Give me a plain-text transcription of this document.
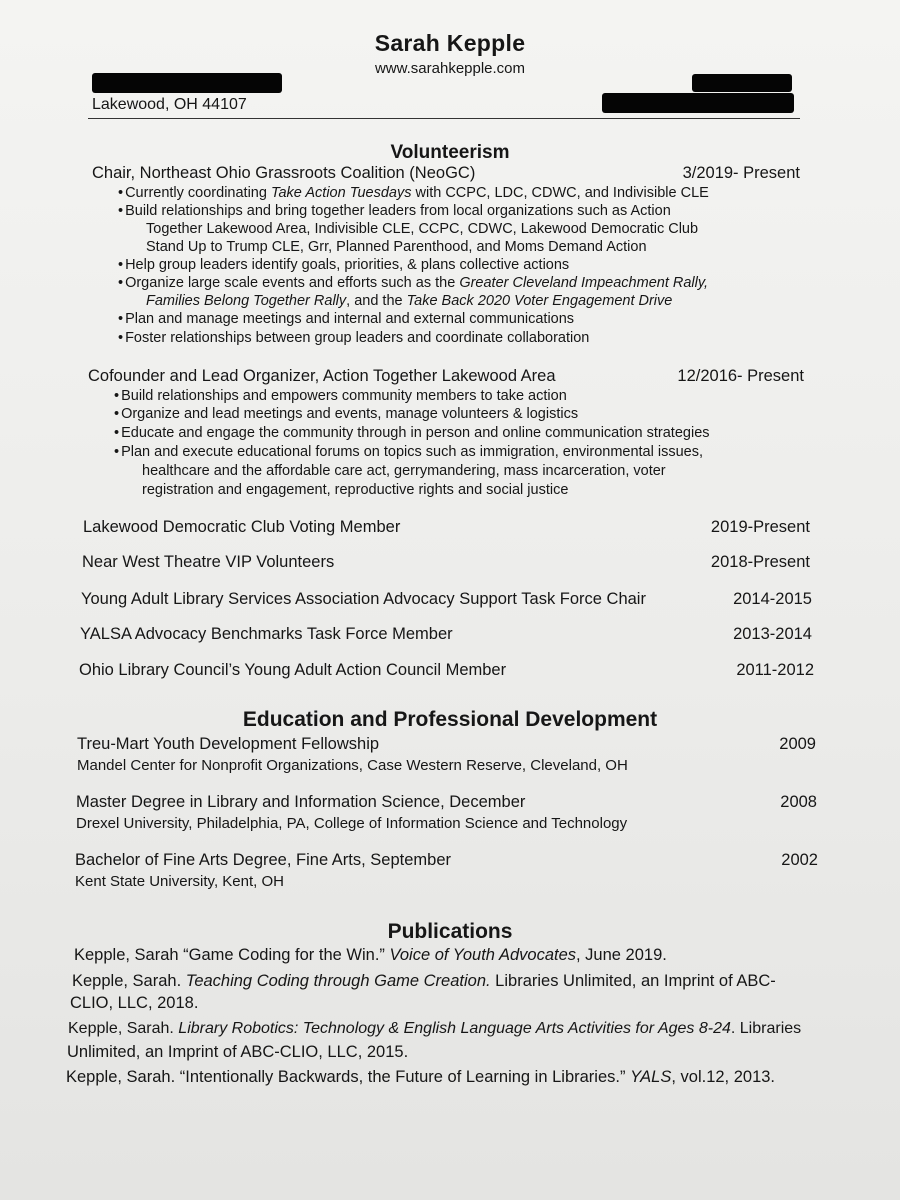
Sarah Kepple
www.sarahkepple.com
Lakewood, OH 44107
Volunteerism
Chair, Northeast Ohio Grassroots Coalition (NeoGC)	3/2019- Present
• Currently coordinating Take Action Tuesdays with CCPC, LDC, CDWC, and Indivisible CLE
• Build relationships and bring together leaders from local organizations such as Action
Together Lakewood Area, Indivisible CLE, CCPC, CDWC, Lakewood Democratic Club
Stand Up to Trump CLE, Grr, Planned Parenthood, and Moms Demand Action
• Help group leaders identify goals, priorities, & plans collective actions
• Organize large scale events and efforts such as the Greater Cleveland Impeachment Rally,
Families Belong Together Rally, and the Take Back 2020 Voter Engagement Drive
• Plan and manage meetings and internal and external communications
• Foster relationships between group leaders and coordinate collaboration
Cofounder and Lead Organizer, Action Together Lakewood Area	12/2016- Present
• Build relationships and empowers community members to take action
• Organize and lead meetings and events, manage volunteers & logistics
• Educate and engage the community through in person and online communication strategies
• Plan and execute educational forums on topics such as immigration, environmental issues,
healthcare and the affordable care act, gerrymandering, mass incarceration, voter
registration and engagement, reproductive rights and social justice
Lakewood Democratic Club Voting Member	2019-Present
Near West Theatre VIP Volunteers	2018-Present
Young Adult Library Services Association Advocacy Support Task Force Chair	2014-2015
YALSA Advocacy Benchmarks Task Force Member	2013-2014
Ohio Library Council’s Young Adult Action Council Member	2011-2012
Education and Professional Development
Treu-Mart Youth Development Fellowship	2009
Mandel Center for Nonprofit Organizations, Case Western Reserve, Cleveland, OH
Master Degree in Library and Information Science, December	2008
Drexel University, Philadelphia, PA, College of Information Science and Technology
Bachelor of Fine Arts Degree, Fine Arts, September	2002
Kent State University, Kent, OH
Publications
Kepple, Sarah “Game Coding for the Win.” Voice of Youth Advocates, June 2019.
Kepple, Sarah. Teaching Coding through Game Creation. Libraries Unlimited, an Imprint of ABC-
CLIO, LLC, 2018.
Kepple, Sarah. Library Robotics: Technology & English Language Arts Activities for Ages 8-24. Libraries
Unlimited, an Imprint of ABC-CLIO, LLC, 2015.
Kepple, Sarah. “Intentionally Backwards, the Future of Learning in Libraries.” YALS, vol.12, 2013.
